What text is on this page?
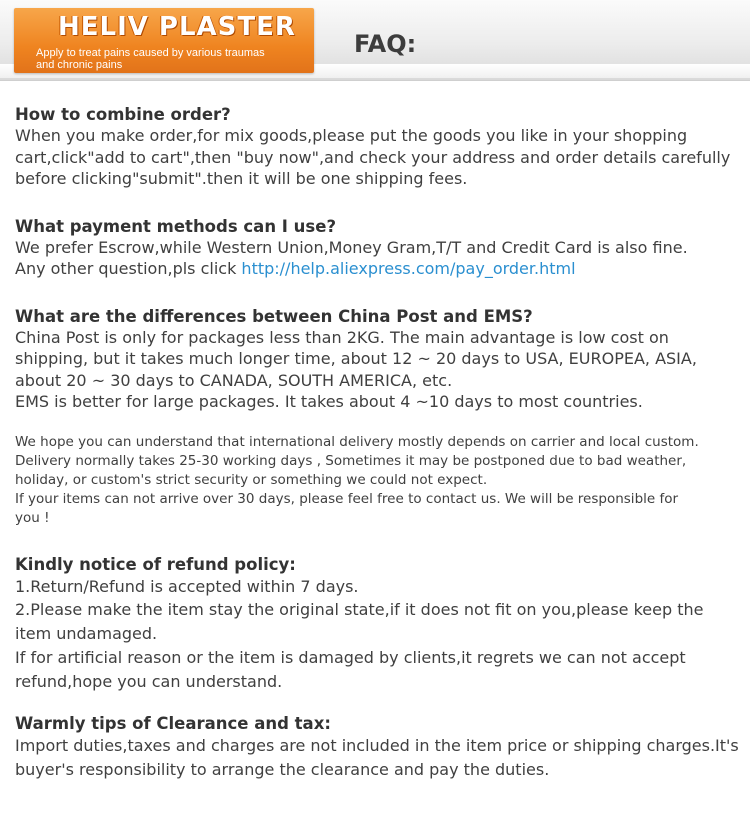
HELIV PLASTER
Apply to treat pains caused by various traumas
and chronic pains
FAQ:

How to combine order?

When you make order,for mix goods,please put the goods you like in your shopping

cart,click"add to cart",then "buy now",and check your address and order details carefully

before clicking"submit".then it will be one shipping fees.

What payment methods can I use?

We prefer Escrow,while Western Union,Money Gram,T/T and Credit Card is also fine.

Any other question,pls click http://help.aliexpress.com/pay_order.html

What are the differences between China Post and EMS?

China Post is only for packages less than 2KG. The main advantage is low cost on

shipping, but it takes much longer time, about 12 ~ 20 days to USA, EUROPEA, ASIA,

about 20 ~ 30 days to CANADA, SOUTH AMERICA, etc.

EMS is better for large packages. It takes about 4 ~10 days to most countries.

We hope you can understand that international delivery mostly depends on carrier and local custom.

Delivery normally takes 25-30 working days , Sometimes it may be postponed due to bad weather,

holiday, or custom's strict security or something we could not expect.

If your items can not arrive over 30 days, please feel free to contact us. We will be responsible for

you !

Kindly notice of refund policy:

1.Return/Refund is accepted within 7 days.

2.Please make the item stay the original state,if it does not fit on you,please keep the

item undamaged.

If for artificial reason or the item is damaged by clients,it regrets we can not accept

refund,hope you can understand.

Warmly tips of Clearance and tax:

Import duties,taxes and charges are not included in the item price or shipping charges.It's

buyer's responsibility to arrange the clearance and pay the duties.
